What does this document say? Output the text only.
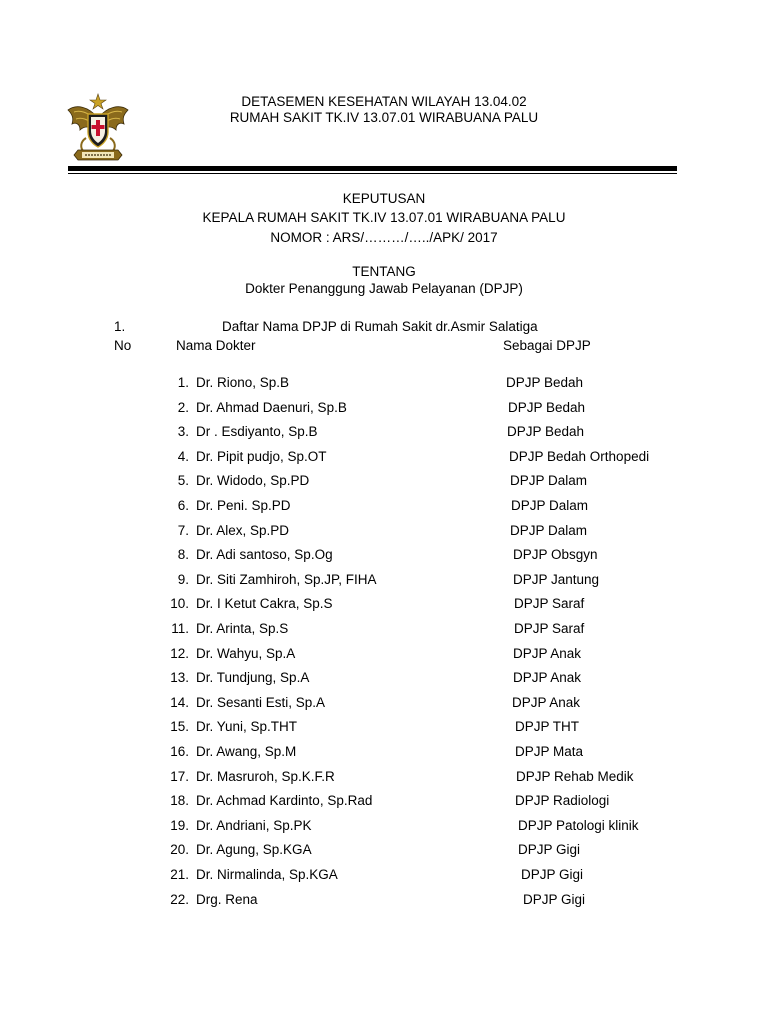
DETASEMEN KESEHATAN WILAYAH 13.04.02
RUMAH SAKIT TK.IV 13.07.01 WIRABUANA PALU
KEPUTUSAN
KEPALA RUMAH SAKIT TK.IV 13.07.01 WIRABUANA PALU
NOMOR : ARS/………/…../APK/ 2017
TENTANG
Dokter Penanggung Jawab Pelayanan (DPJP)
1.	Daftar Nama DPJP di Rumah Sakit dr.Asmir Salatiga
No	Nama Dokter	Sebagai DPJP
1. Dr. Riono, Sp.B	DPJP Bedah
2. Dr. Ahmad Daenuri, Sp.B	DPJP Bedah
3. Dr . Esdiyanto, Sp.B	DPJP Bedah
4. Dr. Pipit pudjo, Sp.OT	DPJP Bedah Orthopedi
5. Dr. Widodo, Sp.PD	DPJP Dalam
6. Dr. Peni. Sp.PD	DPJP Dalam
7. Dr. Alex, Sp.PD	DPJP Dalam
8. Dr. Adi santoso, Sp.Og	DPJP Obsgyn
9. Dr. Siti Zamhiroh, Sp.JP, FIHA	DPJP Jantung
10. Dr. I Ketut Cakra, Sp.S	DPJP Saraf
11. Dr. Arinta, Sp.S	DPJP Saraf
12. Dr. Wahyu, Sp.A	DPJP Anak
13. Dr. Tundjung, Sp.A	DPJP Anak
14. Dr. Sesanti Esti, Sp.A	DPJP Anak
15. Dr. Yuni, Sp.THT	DPJP THT
16. Dr. Awang, Sp.M	DPJP Mata
17. Dr. Masruroh, Sp.K.F.R	DPJP Rehab Medik
18. Dr. Achmad Kardinto, Sp.Rad	DPJP Radiologi
19. Dr. Andriani, Sp.PK	DPJP Patologi klinik
20. Dr. Agung, Sp.KGA	DPJP Gigi
21. Dr. Nirmalinda, Sp.KGA	DPJP Gigi
22. Drg. Rena	DPJP Gigi
